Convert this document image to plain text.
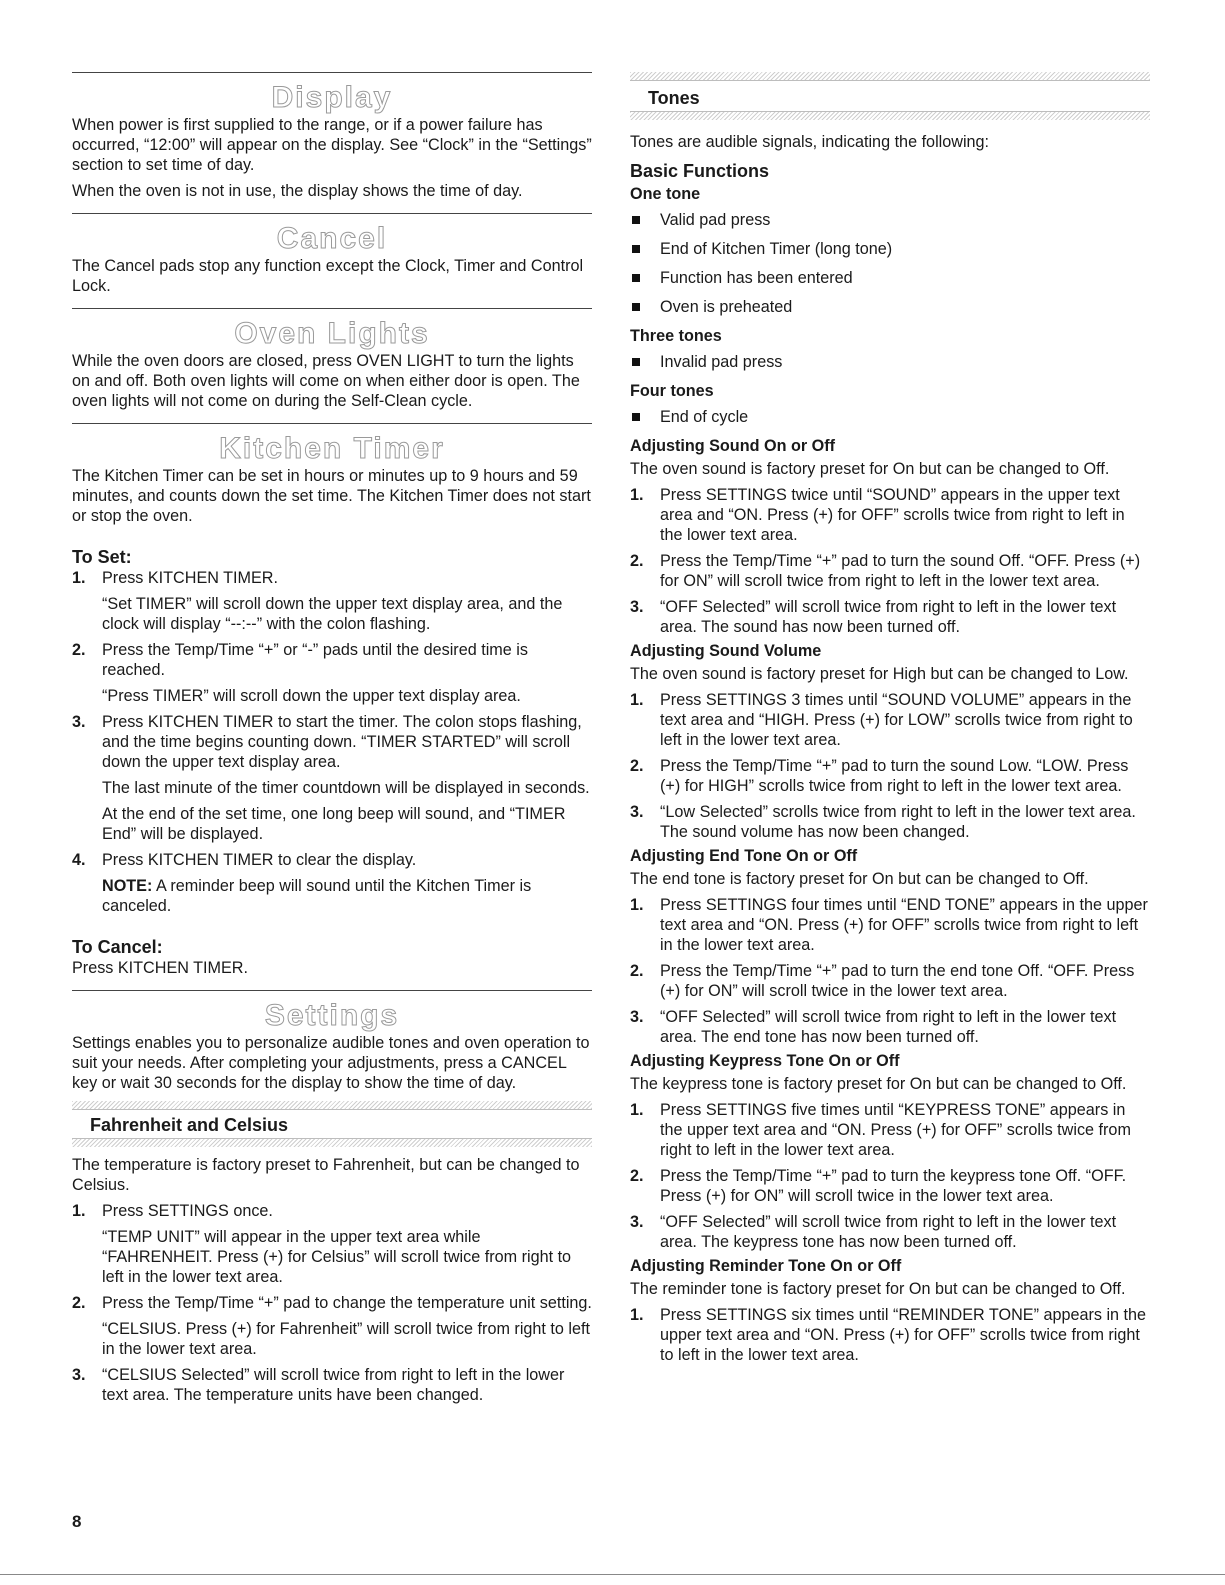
Display

When power is first supplied to the range, or if a power failure has occurred, “12:00” will appear on the display. See “Clock” in the “Settings” section to set time of day.

When the oven is not in use, the display shows the time of day.

Cancel

The Cancel pads stop any function except the Clock, Timer and Control Lock.

Oven Lights

While the oven doors are closed, press OVEN LIGHT to turn the lights on and off. Both oven lights will come on when either door is open. The oven lights will not come on during the Self-Clean cycle.

Kitchen Timer

The Kitchen Timer can be set in hours or minutes up to 9 hours and 59 minutes, and counts down the set time. The Kitchen Timer does not start or stop the oven.

To Set:

1. Press KITCHEN TIMER.

“Set TIMER” will scroll down the upper text display area, and the clock will display “--:--” with the colon flashing.

2. Press the Temp/Time “+” or “-” pads until the desired time is reached.

“Press TIMER” will scroll down the upper text display area.

3. Press KITCHEN TIMER to start the timer. The colon stops flashing, and the time begins counting down. “TIMER STARTED” will scroll down the upper text display area.

The last minute of the timer countdown will be displayed in seconds.

At the end of the set time, one long beep will sound, and “TIMER End” will be displayed.

4. Press KITCHEN TIMER to clear the display.

NOTE: A reminder beep will sound until the Kitchen Timer is canceled.

To Cancel:

Press KITCHEN TIMER.

Settings

Settings enables you to personalize audible tones and oven operation to suit your needs. After completing your adjustments, press a CANCEL key or wait 30 seconds for the display to show the time of day.

Fahrenheit and Celsius

The temperature is factory preset to Fahrenheit, but can be changed to Celsius.

1. Press SETTINGS once.

“TEMP UNIT” will appear in the upper text area while “FAHRENHEIT. Press (+) for Celsius” will scroll twice from right to left in the lower text area.

2. Press the Temp/Time “+” pad to change the temperature unit setting.

“CELSIUS. Press (+) for Fahrenheit” will scroll twice from right to left in the lower text area.

3. “CELSIUS Selected” will scroll twice from right to left in the lower text area. The temperature units have been changed.

Tones

Tones are audible signals, indicating the following:

Basic Functions

One tone

Valid pad press

End of Kitchen Timer (long tone)

Function has been entered

Oven is preheated

Three tones

Invalid pad press

Four tones

End of cycle

Adjusting Sound On or Off

The oven sound is factory preset for On but can be changed to Off.

1. Press SETTINGS twice until “SOUND” appears in the upper text area and “ON. Press (+) for OFF” scrolls twice from right to left in the lower text area.

2. Press the Temp/Time “+” pad to turn the sound Off. “OFF. Press (+) for ON” will scroll twice from right to left in the lower text area.

3. “OFF Selected” will scroll twice from right to left in the lower text area. The sound has now been turned off.

Adjusting Sound Volume

The oven sound is factory preset for High but can be changed to Low.

1. Press SETTINGS 3 times until “SOUND VOLUME” appears in the text area and “HIGH. Press (+) for LOW” scrolls twice from right to left in the lower text area.

2. Press the Temp/Time “+” pad to turn the sound Low. “LOW. Press (+) for HIGH” scrolls twice from right to left in the lower text area.

3. “Low Selected” scrolls twice from right to left in the lower text area. The sound volume has now been changed.

Adjusting End Tone On or Off

The end tone is factory preset for On but can be changed to Off.

1. Press SETTINGS four times until “END TONE” appears in the upper text area and “ON. Press (+) for OFF” scrolls twice from right to left in the lower text area.

2. Press the Temp/Time “+” pad to turn the end tone Off. “OFF. Press (+) for ON” will scroll twice in the lower text area.

3. “OFF Selected” will scroll twice from right to left in the lower text area. The end tone has now been turned off.

Adjusting Keypress Tone On or Off

The keypress tone is factory preset for On but can be changed to Off.

1. Press SETTINGS five times until “KEYPRESS TONE” appears in the upper text area and “ON. Press (+) for OFF” scrolls twice from right to left in the lower text area.

2. Press the Temp/Time “+” pad to turn the keypress tone Off. “OFF. Press (+) for ON” will scroll twice in the lower text area.

3. “OFF Selected” will scroll twice from right to left in the lower text area. The keypress tone has now been turned off.

Adjusting Reminder Tone On or Off

The reminder tone is factory preset for On but can be changed to Off.

1. Press SETTINGS six times until “REMINDER TONE” appears in the upper text area and “ON. Press (+) for OFF” scrolls twice from right to left in the lower text area.

8
